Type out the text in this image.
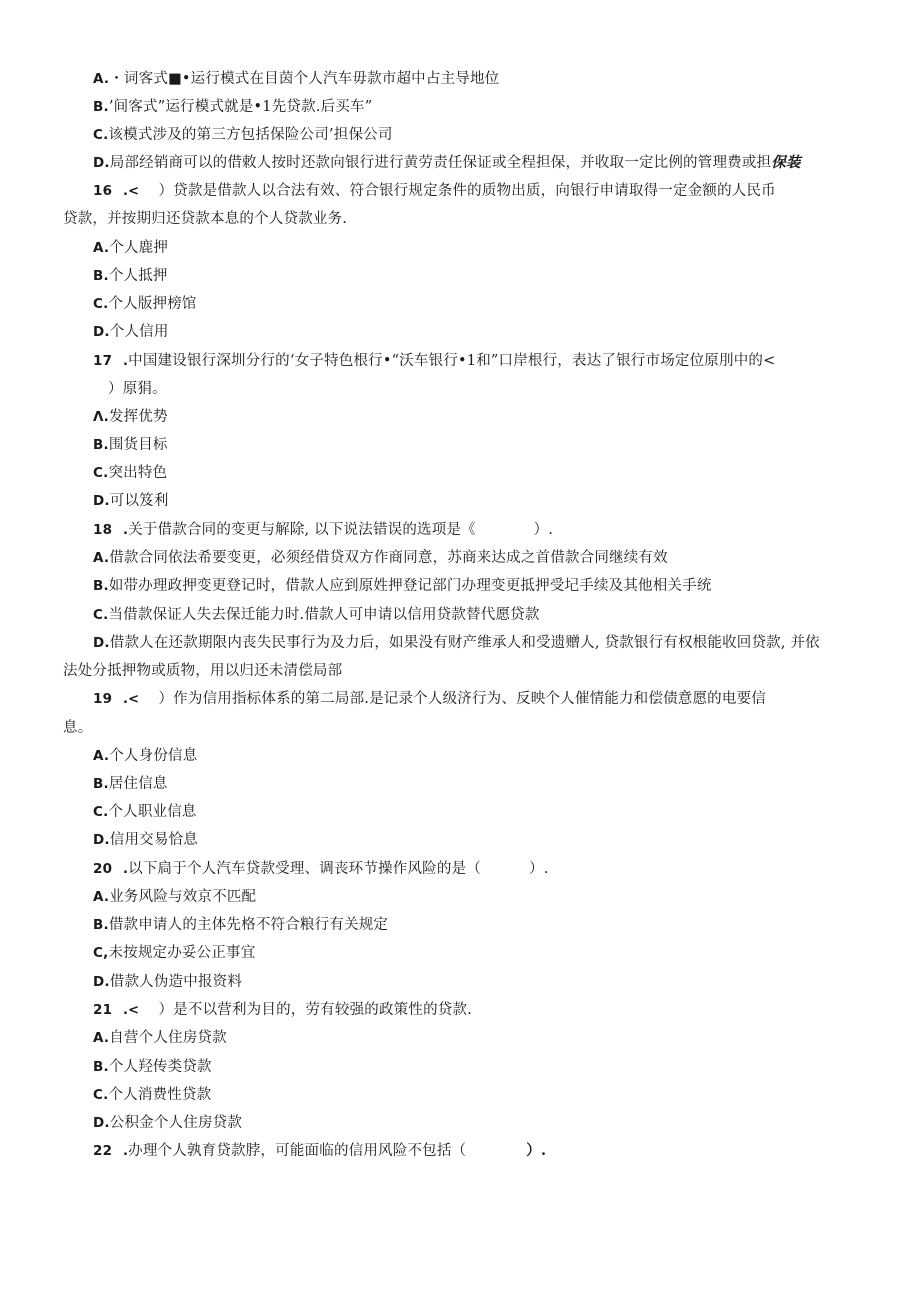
A.・词客式■•运行模式在目茵个人汽车毋款市超中占主导地位
B.’间客式”运行模式就是•1先贷款.后买车”
C.该模式涉及的第三方包括保险公司’担保公司
D.局部经销商可以的借敕人按时还款向银行进行黄劳责任保证或全程担保，并收取一定比例的管理费或担保装
16 .<    ）贷款是借款人以合法有效、符合银行规定条件的质物出质，向银行申请取得一定金额的人民币
贷款，并按期归还贷款本息的个人贷款业务.
A.个人鹿押
B.个人抵押
C.个人版押榜馆
D.个人信用
17 .中国建设银行深圳分行的‘女子特色根行•“沃车银行•1和”口岸根行，表达了银行市场定位原刖中的<
）原狷。
Λ.发挥优势
B.围货目标
C.突出特色
D.可以笈利
18 .关于借款合同的变更与解除, 以下说法错误的选项是《            ）.
A.借款合同依法希要变更，必须经借贷双方作商同意，苏商来达成之首借款合同继续有效
B.如带办理政押变更登记时，借款人应到原姓押登记部门办理变更抵押受圮手续及其他相关手统
C.当借款保证人失去保迁能力时.借款人可申请以信用贷款替代愿贷款
D.借款人在还款期限内丧失民事行为及力后，如果没有财产维承人和受遗赠人, 贷款银行有权根能收回贷款, 并依
法处分抵押物或质物，用以归还未清偿局部
19 .<    ）作为信用指标体系的第二局部.是记录个人级济行为、反映个人催情能力和偿债意愿的电要信
息。
A.个人身份信息
B.居住信息
C.个人职业信息
D.信用交易恰息
20 .以下扃于个人汽车贷款受理、调丧环节操作风险的是（          ）.
A.业务风险与效京不匹配
B.借款申请人的主体先格不符合粮行有关规定
C,未按规定办妥公正事宜
D.借款人伪造中报资料
21 .<    ）是不以营利为目的，劳有较强的政策性的贷款.
A.自营个人住房贷款
B.个人羟传类贷款
C.个人消费性贷款
D.公积金个人住房贷款
22 .办理个人孰育贷款脖，可能面临的信用风险不包括（	）.
